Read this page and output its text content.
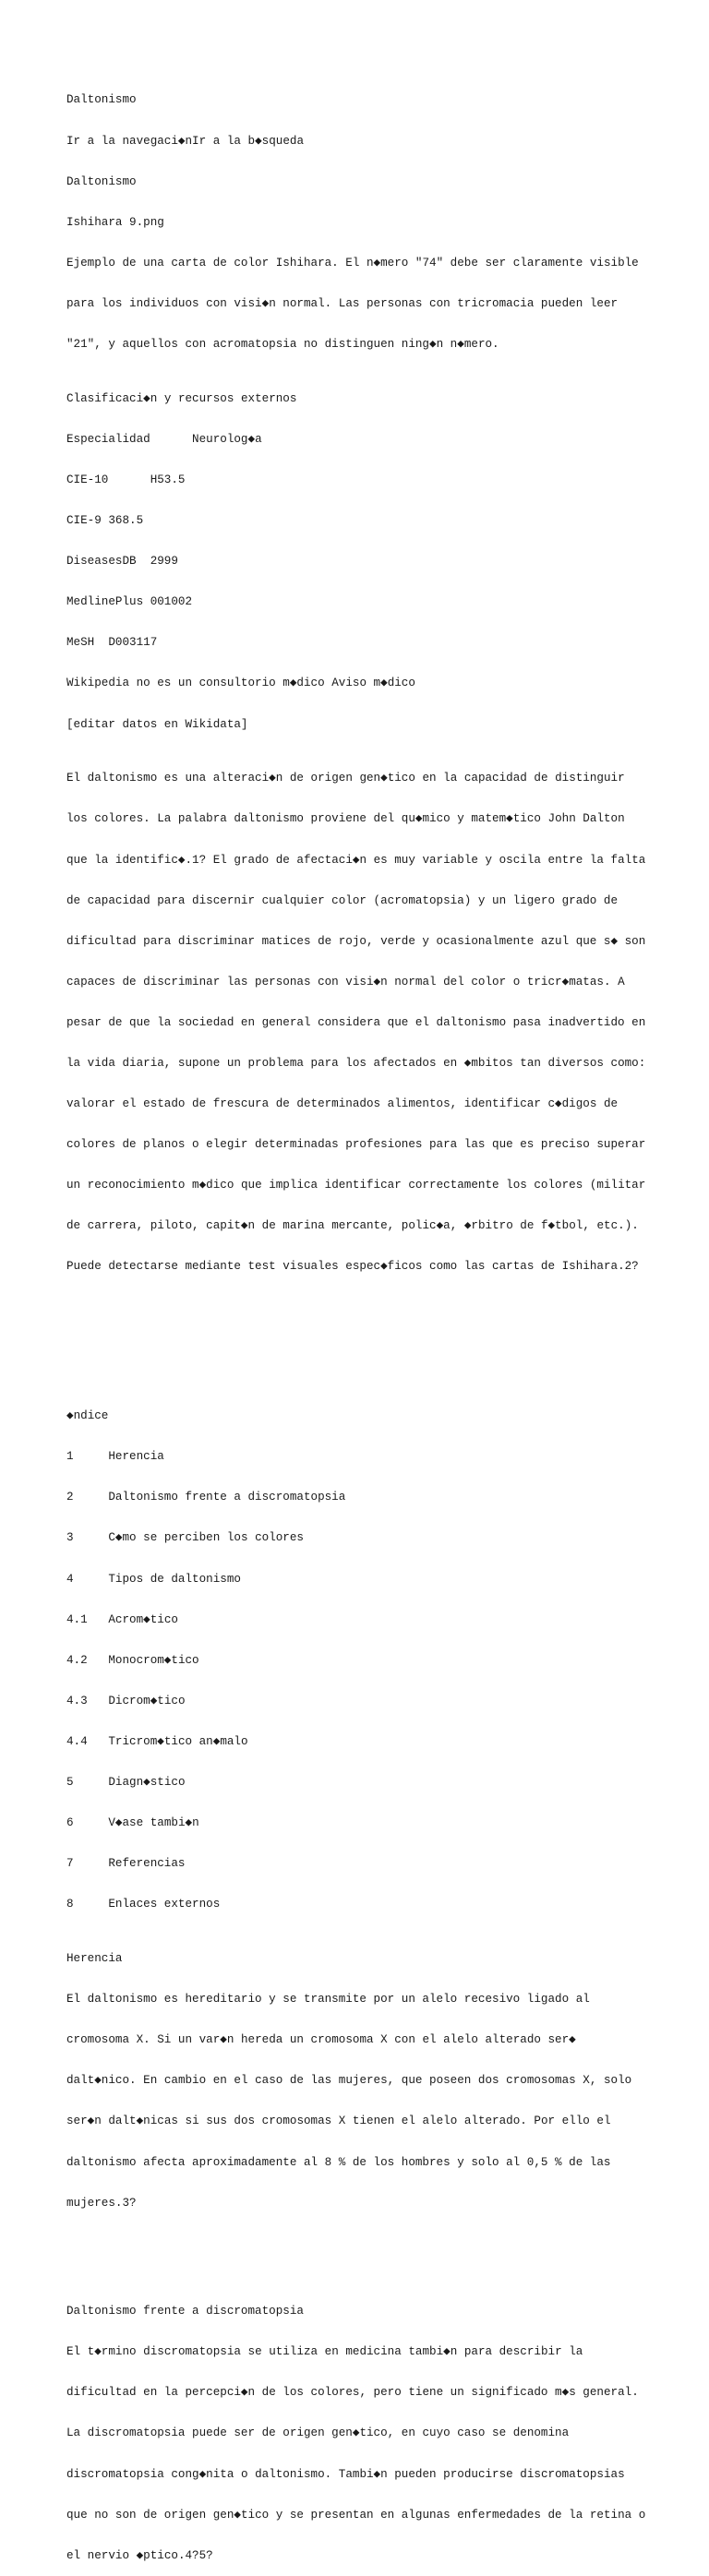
Daltonismo

Ir a la navegaci◆nIr a la b◆squeda

Daltonismo

Ishihara 9.png

Ejemplo de una carta de color Ishihara. El n◆mero "74" debe ser claramente visible

para los individuos con visi◆n normal. Las personas con tricromacia pueden leer

"21", y aquellos con acromatopsia no distinguen ning◆n n◆mero.

Clasificaci◆n y recursos externos

Especialidad      Neurolog◆a

CIE-10      H53.5

CIE-9 368.5

DiseasesDB  2999

MedlinePlus 001002

MeSH  D003117

Wikipedia no es un consultorio m◆dico Aviso m◆dico

[editar datos en Wikidata]

El daltonismo es una alteraci◆n de origen gen◆tico en la capacidad de distinguir

los colores. La palabra daltonismo proviene del qu◆mico y matem◆tico John Dalton

que la identific◆.1? El grado de afectaci◆n es muy variable y oscila entre la falta

de capacidad para discernir cualquier color (acromatopsia) y un ligero grado de

dificultad para discriminar matices de rojo, verde y ocasionalmente azul que s◆ son

capaces de discriminar las personas con visi◆n normal del color o tricr◆matas. A

pesar de que la sociedad en general considera que el daltonismo pasa inadvertido en

la vida diaria, supone un problema para los afectados en ◆mbitos tan diversos como:

valorar el estado de frescura de determinados alimentos, identificar c◆digos de

colores de planos o elegir determinadas profesiones para las que es preciso superar

un reconocimiento m◆dico que implica identificar correctamente los colores (militar

de carrera, piloto, capit◆n de marina mercante, polic◆a, ◆rbitro de f◆tbol, etc.).

Puede detectarse mediante test visuales espec◆ficos como las cartas de Ishihara.2?

◆ndice

1     Herencia

2     Daltonismo frente a discromatopsia

3     C◆mo se perciben los colores

4     Tipos de daltonismo

4.1   Acrom◆tico

4.2   Monocrom◆tico

4.3   Dicrom◆tico

4.4   Tricrom◆tico an◆malo

5     Diagn◆stico

6     V◆ase tambi◆n

7     Referencias

8     Enlaces externos

Herencia

El daltonismo es hereditario y se transmite por un alelo recesivo ligado al

cromosoma X. Si un var◆n hereda un cromosoma X con el alelo alterado ser◆

dalt◆nico. En cambio en el caso de las mujeres, que poseen dos cromosomas X, solo

ser◆n dalt◆nicas si sus dos cromosomas X tienen el alelo alterado. Por ello el

daltonismo afecta aproximadamente al 8 % de los hombres y solo al 0,5 % de las

mujeres.3?

Daltonismo frente a discromatopsia

El t◆rmino discromatopsia se utiliza en medicina tambi◆n para describir la

dificultad en la percepci◆n de los colores, pero tiene un significado m◆s general.

La discromatopsia puede ser de origen gen◆tico, en cuyo caso se denomina

discromatopsia cong◆nita o daltonismo. Tambi◆n pueden producirse discromatopsias

que no son de origen gen◆tico y se presentan en algunas enfermedades de la retina o

el nervio ◆ptico.4?5?
